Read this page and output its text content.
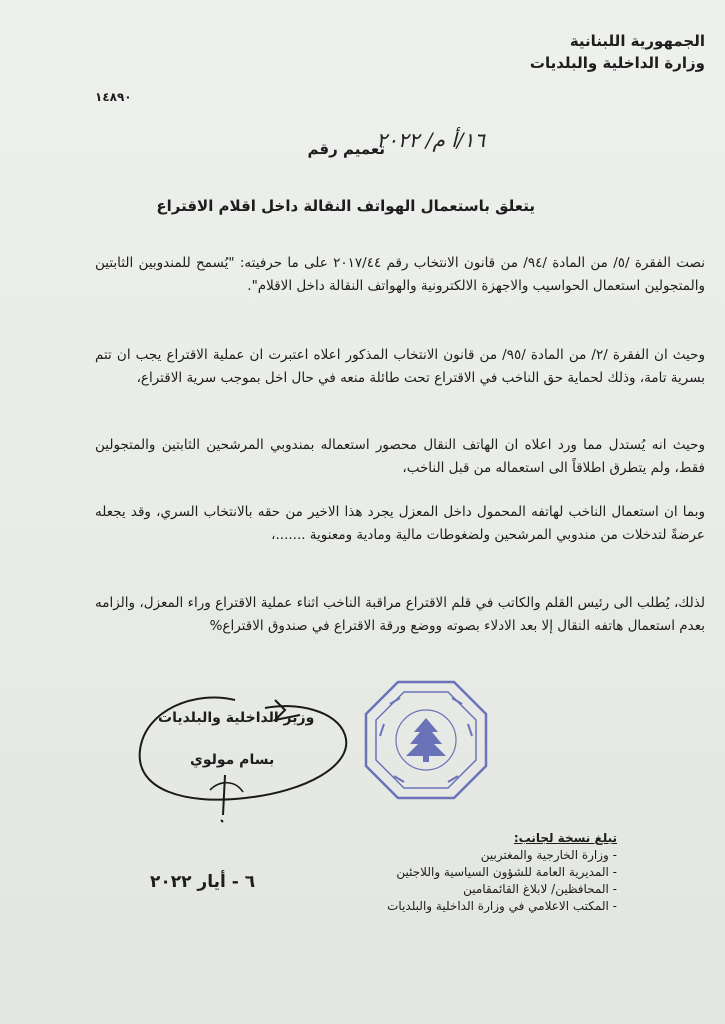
الجمهورية اللبنانية
وزارة الداخلية والبلديات
١٤٨٩٠
تعميم رقم
١٦/أ م/ ٢٠٢٢
يتعلق باستعمال الهواتف النقالة داخل اقلام الاقتراع
نصت الفقرة /٥/ من المادة /٩٤/ من قانون الانتخاب رقم ٢٠١٧/٤٤ على ما حرفيته: "يُسمح للمندوبين الثابتين والمتجولين استعمال الحواسيب والاجهزة الالكترونية والهواتف النقالة داخل الاقلام".
وحيث ان الفقرة /٢/ من المادة /٩٥/ من قانون الانتخاب المذكور اعلاه اعتبرت ان عملية الاقتراع يجب ان تتم بسرية تامة، وذلك لحماية حق الناخب في الاقتراع تحت طائلة منعه في حال اخل بموجب سرية الاقتراع،
وحيث انه يُستدل مما ورد اعلاه ان الهاتف النقال محصور استعماله بمندوبي المرشحين الثابتين والمتجولين فقط، ولم يتطرق اطلاقاً الى استعماله من قبل الناخب،
وبما ان استعمال الناخب لهاتفه المحمول داخل المعزل يجرد هذا الاخير من حقه بالانتخاب السري، وقد يجعله عرضةً لتدخلات من مندوبي المرشحين ولضغوطات مالية ومادية ومعنوية .......،
لذلك، يُطلب الى رئيس القلم والكاتب في قلم الاقتراع مراقبة الناخب اثناء عملية الاقتراع وراء المعزل، والزامه بعدم استعمال هاتفه النقال إلا بعد الادلاء بصوته ووضع ورقة الاقتراع في صندوق الاقتراع%
وزير الداخلية والبلديات
بسام مولوي
تبلغ نسخة لجانب:
- وزارة الخارجية والمغتربين
- المديرية العامة للشؤون السياسية واللاجئين
- المحافظين/ لابلاغ القائمقامين
- المكتب الاعلامي في وزارة الداخلية والبلديات
٦ - أيار ٢٠٢٢
